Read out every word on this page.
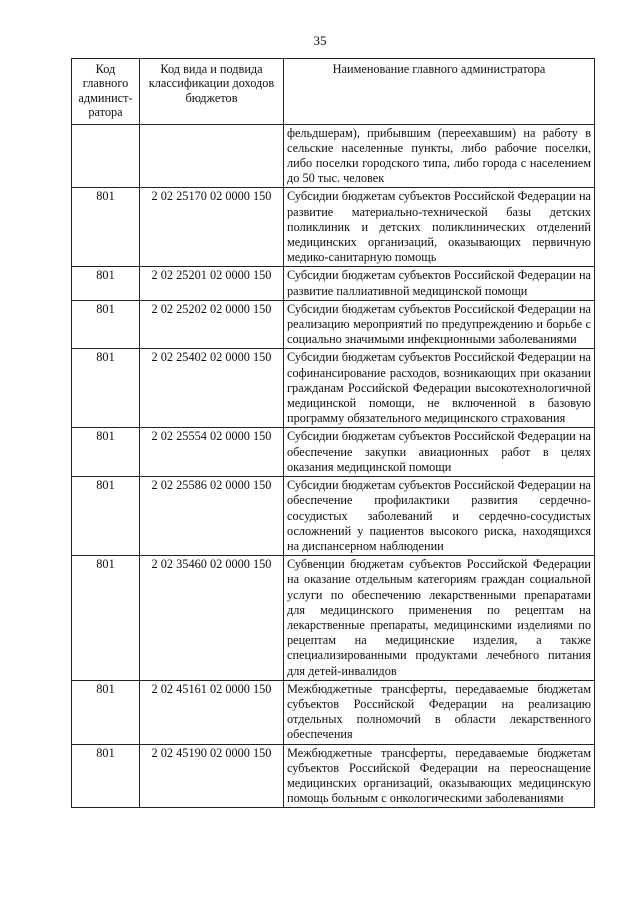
35
Код главного админист-ратора	Код вида и подвида классификации доходов бюджетов	Наименование главного администратора
		фельдшерам), прибывшим (переехавшим) на работу в сельские населенные пункты, либо рабочие поселки, либо поселки городского типа, либо города с населением до 50 тыс. человек
801	2 02 25170 02 0000 150	Субсидии бюджетам субъектов Российской Федерации на развитие материально-технической базы детских поликлиник и детских поликлинических отделений медицинских организаций, оказывающих первичную медико-санитарную помощь
801	2 02 25201 02 0000 150	Субсидии бюджетам субъектов Российской Федерации на развитие паллиативной медицинской помощи
801	2 02 25202 02 0000 150	Субсидии бюджетам субъектов Российской Федерации на реализацию мероприятий по предупреждению и борьбе с социально значимыми инфекционными заболеваниями
801	2 02 25402 02 0000 150	Субсидии бюджетам субъектов Российской Федерации на софинансирование расходов, возникающих при оказании гражданам Российской Федерации высокотехнологичной медицинской помощи, не включенной в базовую программу обязательного медицинского страхования
801	2 02 25554 02 0000 150	Субсидии бюджетам субъектов Российской Федерации на обеспечение закупки авиационных работ в целях оказания медицинской помощи
801	2 02 25586 02 0000 150	Субсидии бюджетам субъектов Российской Федерации на обеспечение профилактики развития сердечно-сосудистых заболеваний и сердечно-сосудистых осложнений у пациентов высокого риска, находящихся на диспансерном наблюдении
801	2 02 35460 02 0000 150	Субвенции бюджетам субъектов Российской Федерации на оказание отдельным категориям граждан социальной услуги по обеспечению лекарственными препаратами для медицинского применения по рецептам на лекарственные препараты, медицинскими изделиями по рецептам на медицинские изделия, а также специализированными продуктами лечебного питания для детей-инвалидов
801	2 02 45161 02 0000 150	Межбюджетные трансферты, передаваемые бюджетам субъектов Российской Федерации на реализацию отдельных полномочий в области лекарственного обеспечения
801	2 02 45190 02 0000 150	Межбюджетные трансферты, передаваемые бюджетам субъектов Российской Федерации на переоснащение медицинских организаций, оказывающих медицинскую помощь больным с онкологическими заболеваниями
